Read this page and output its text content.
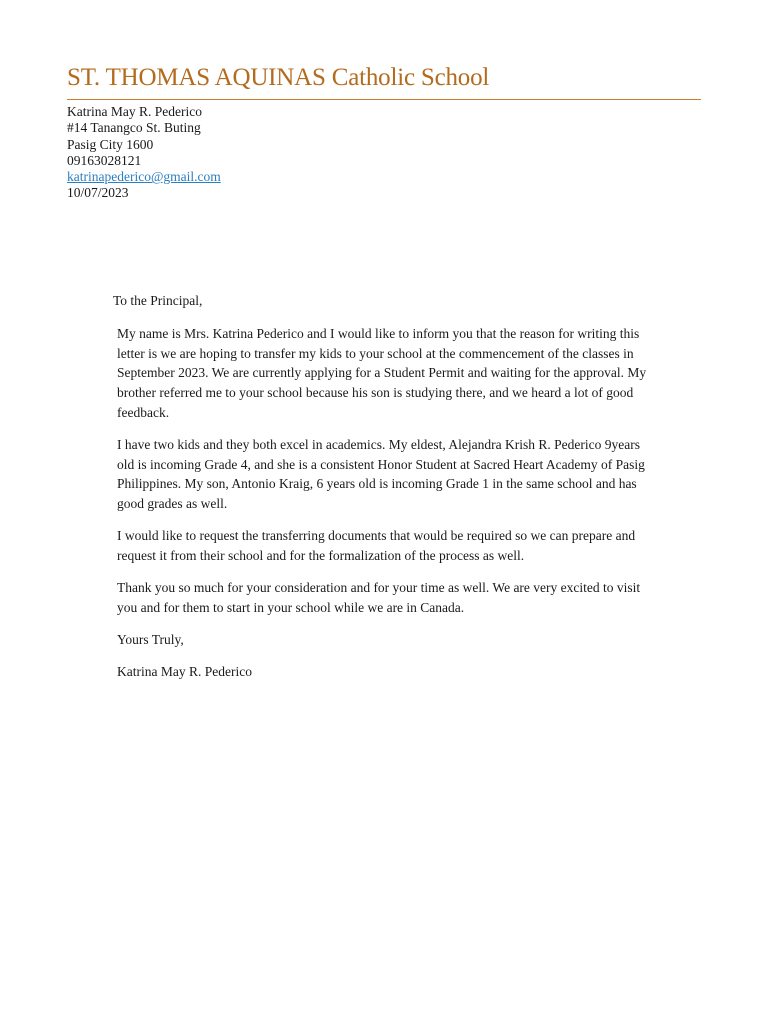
ST. THOMAS AQUINAS Catholic School
Katrina May R. Pederico
#14 Tanangco St. Buting
Pasig City 1600
09163028121
katrinapederico@gmail.com
10/07/2023
To the Principal,

My name is Mrs. Katrina Pederico and I would like to inform you that the reason for writing this letter is we are hoping to transfer my kids to your school at the commencement of the classes in September 2023. We are currently applying for a Student Permit and waiting for the approval. My brother referred me to your school because his son is studying there, and we heard a lot of good feedback.

I have two kids and they both excel in academics. My eldest, Alejandra Krish R. Pederico 9years old is incoming Grade 4, and she is a consistent Honor Student at Sacred Heart Academy of Pasig Philippines. My son, Antonio Kraig, 6 years old is incoming Grade 1 in the same school and has good grades as well.

I would like to request the transferring documents that would be required so we can prepare and request it from their school and for the formalization of the process as well.

Thank you so much for your consideration and for your time as well. We are very excited to visit you and for them to start in your school while we are in Canada.

Yours Truly,

Katrina May R. Pederico
